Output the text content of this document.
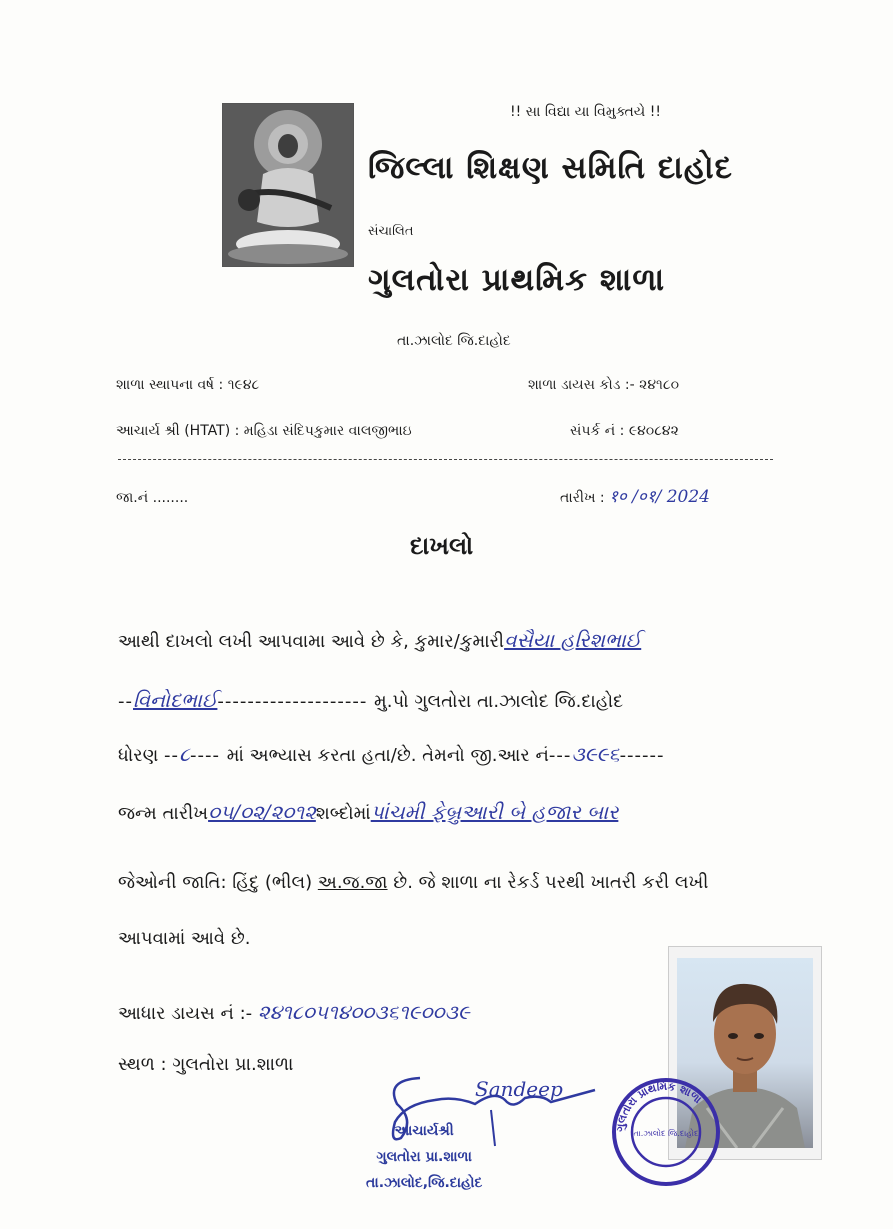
!! સા વિદ્યા યા વિમુક્તયે !!
જિલ્લા શિક્ષણ સમિતિ દાહોદ
સંચાલિત
ગુલતોરા પ્રાથમિક શાળા
તા.ઝાલોદ જિ.દાહોદ
શાળા સ્થાપના વર્ષ : ૧૯૪૮	શાળા ડાયસ કોડ :- ૨૪૧૮૦
આચાર્ય શ્રી (HTAT) : મહિડા સંદિપકુમાર વાલજીભાઇ	સંપર્ક નં : ૯૪૦૮૪૨
જા.નં ........	તારીખ : १० /०१/ 2024
દાખલો
આથી દાખલો લખી આપવામા આવે છે કે, કુમાર/કુમારીવસૈયા હરિશભાઈ
--વિનોદભાઈ-------------------- મુ.પો ગુલતોરા તા.ઝાલોદ જિ.દાહોદ
ધોરણ --૮---- માં અભ્યાસ કરતા હતા/છે. તેમનો જી.આર નં---૩૯૯૬------
જન્મ તારીખ૦૫/૦૨/૨૦૧૨શબ્દોમાંપાંચમી ફેબ્રુઆરી બે હજાર બાર
જેઓની જાતિ: હિંદુ (ભીલ) અ.જ.જા છે. જે શાળા ના રેકર્ડ પરથી ખાતરી કરી લખી
આપવામાં આવે છે.
આધાર ડાયસ નં :- ૨૪૧૮૦૫૧૪૦૦૩૬૧૯૦૦૩૯
સ્થળ : ગુલતોરા પ્રા.શાળા
Sandeep
આચાર્યશ્રી
ગુલતોરા પ્રા.શાળા
તા.ઝાલોદ,જિ.દાહોદ
ગુલતોરા પ્રાથમિક શાળા
તા.ઝાલોદ જિ.દાહોદ
